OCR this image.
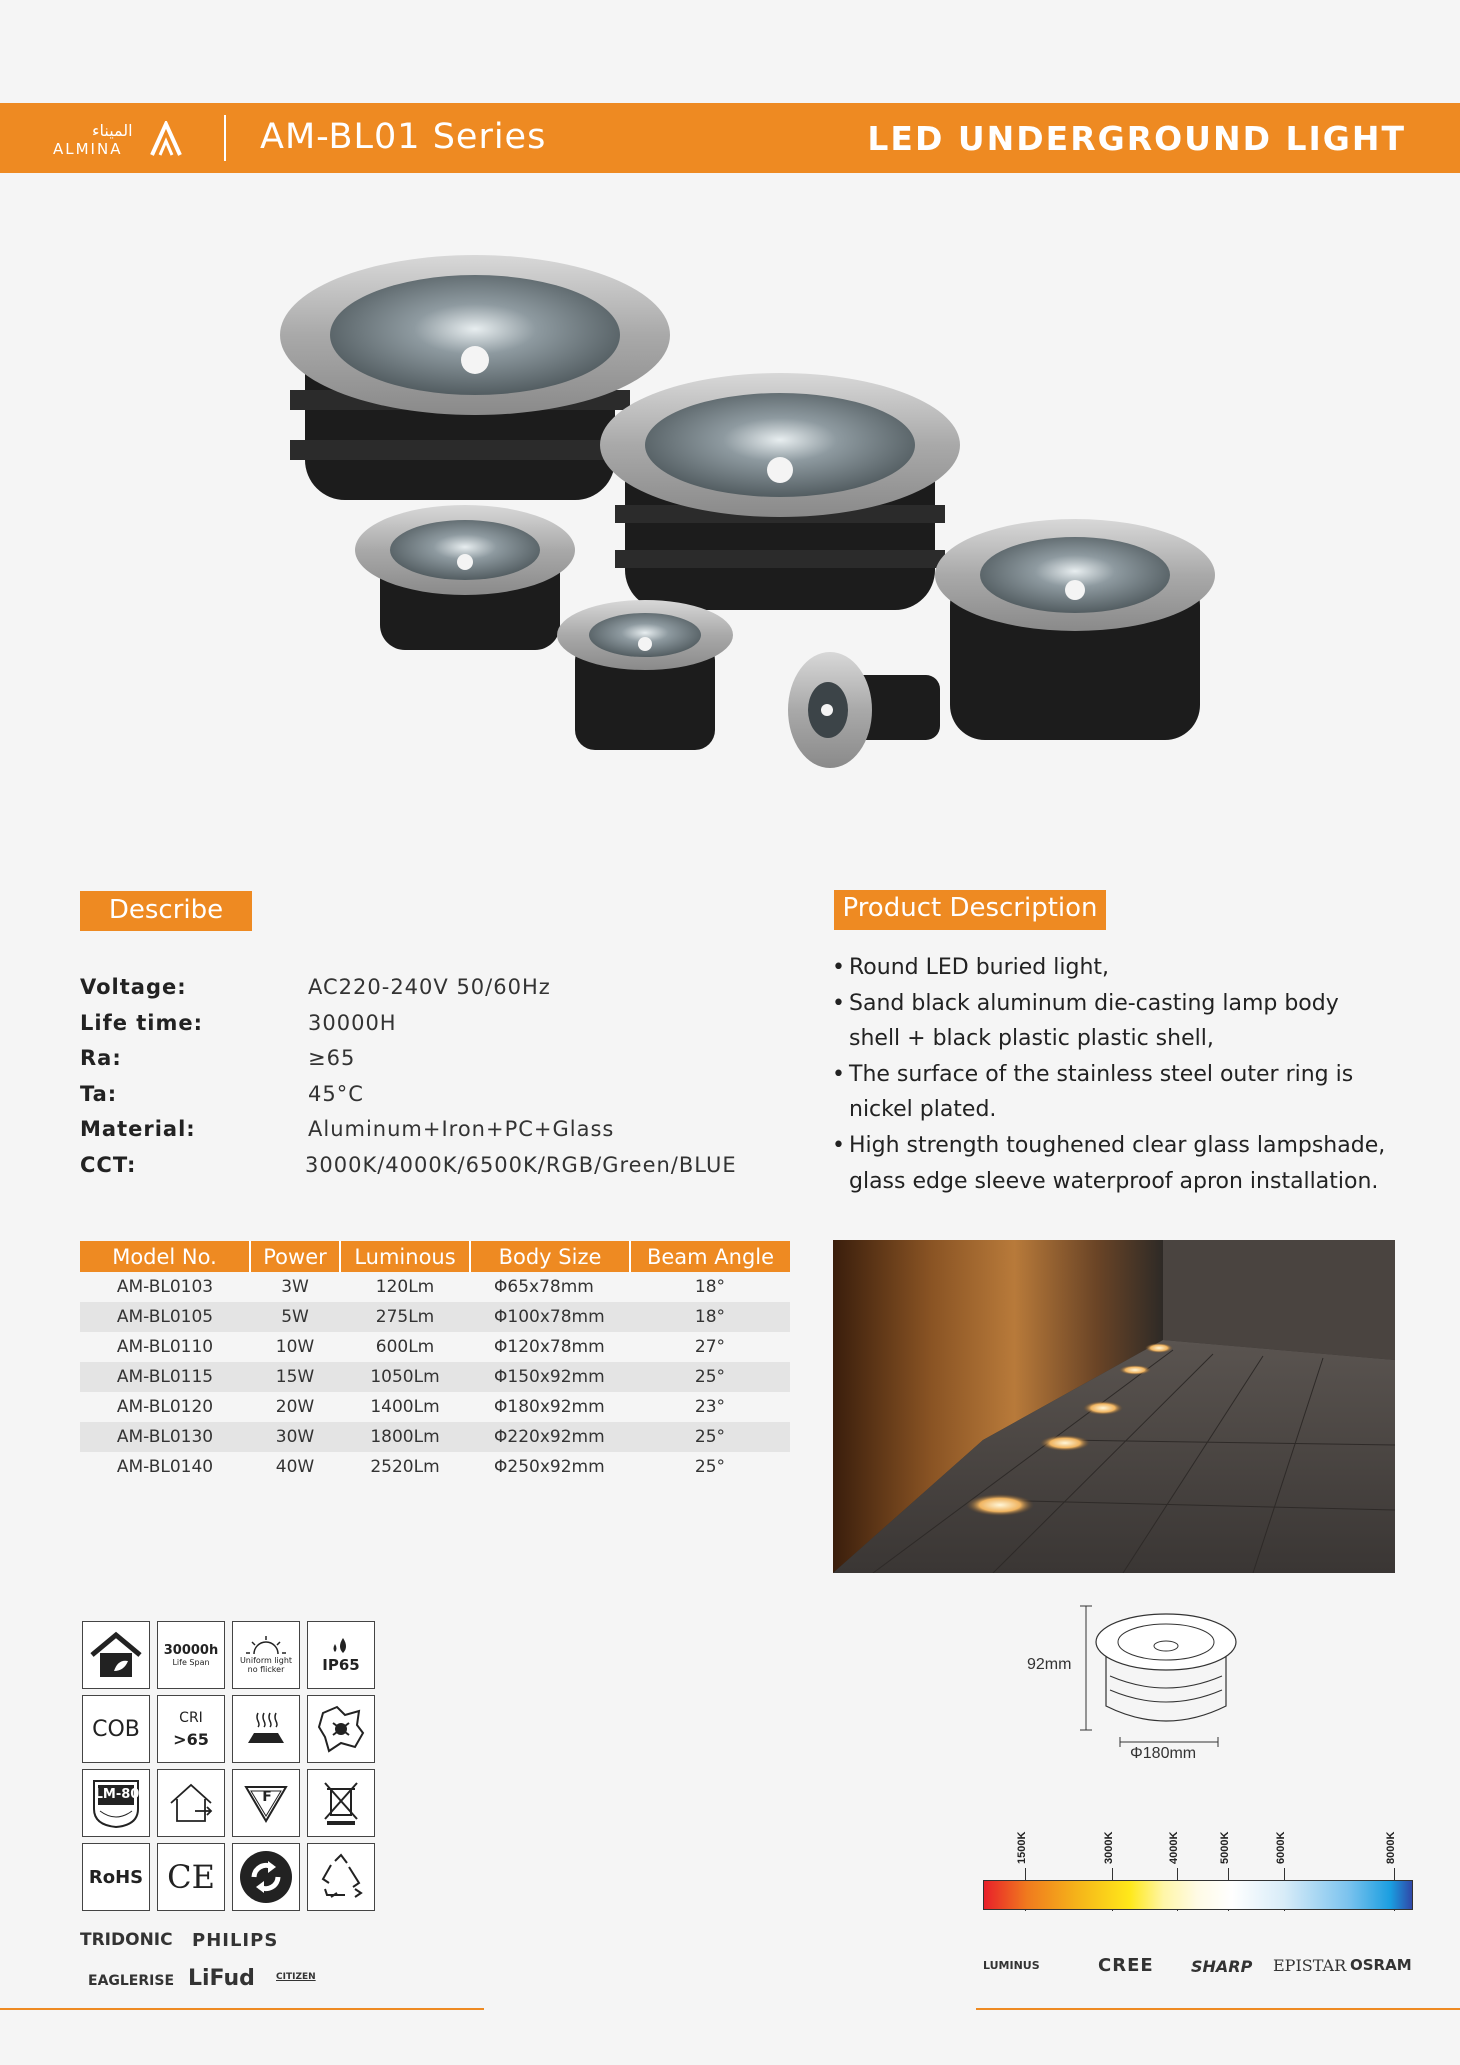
الميناء
ALMINA	AM-BL01 Series	LED UNDERGROUND LIGHT
Describe
Voltage:	AC220-240V 50/60Hz
Life time:	30000H
Ra:	≥65
Ta:	45°C
Material:	Aluminum+Iron+PC+Glass
CCT:	3000K/4000K/6500K/RGB/Green/BLUE
Product Description
• Round LED buried light,
• Sand black aluminum die-casting lamp body shell + black plastic plastic shell,
• The surface of the stainless steel outer ring is nickel plated.
• High strength toughened clear glass lampshade, glass edge sleeve waterproof apron installation.
Model No.	Power	Luminous	Body Size	Beam Angle
AM-BL0103	3W	120Lm	Φ65x78mm	18°
AM-BL0105	5W	275Lm	Φ100x78mm	18°
AM-BL0110	10W	600Lm	Φ120x78mm	27°
AM-BL0115	15W	1050Lm	Φ150x92mm	25°
AM-BL0120	20W	1400Lm	Φ180x92mm	23°
AM-BL0130	30W	1800Lm	Φ220x92mm	25°
AM-BL0140	40W	2520Lm	Φ250x92mm	25°
92mm
Φ180mm
1500K	3000K	4000K	5000K	6000K	8000K
30000h
Life Span	Uniform light
no flicker	IP65
COB	CRI
>65
LM-80	F
RoHS CE
TRIDONIC PHILIPS
EAGLERISE LiFud CITIZEN
LUMINUS	CREE SHARP EPISTAR OSRAM
